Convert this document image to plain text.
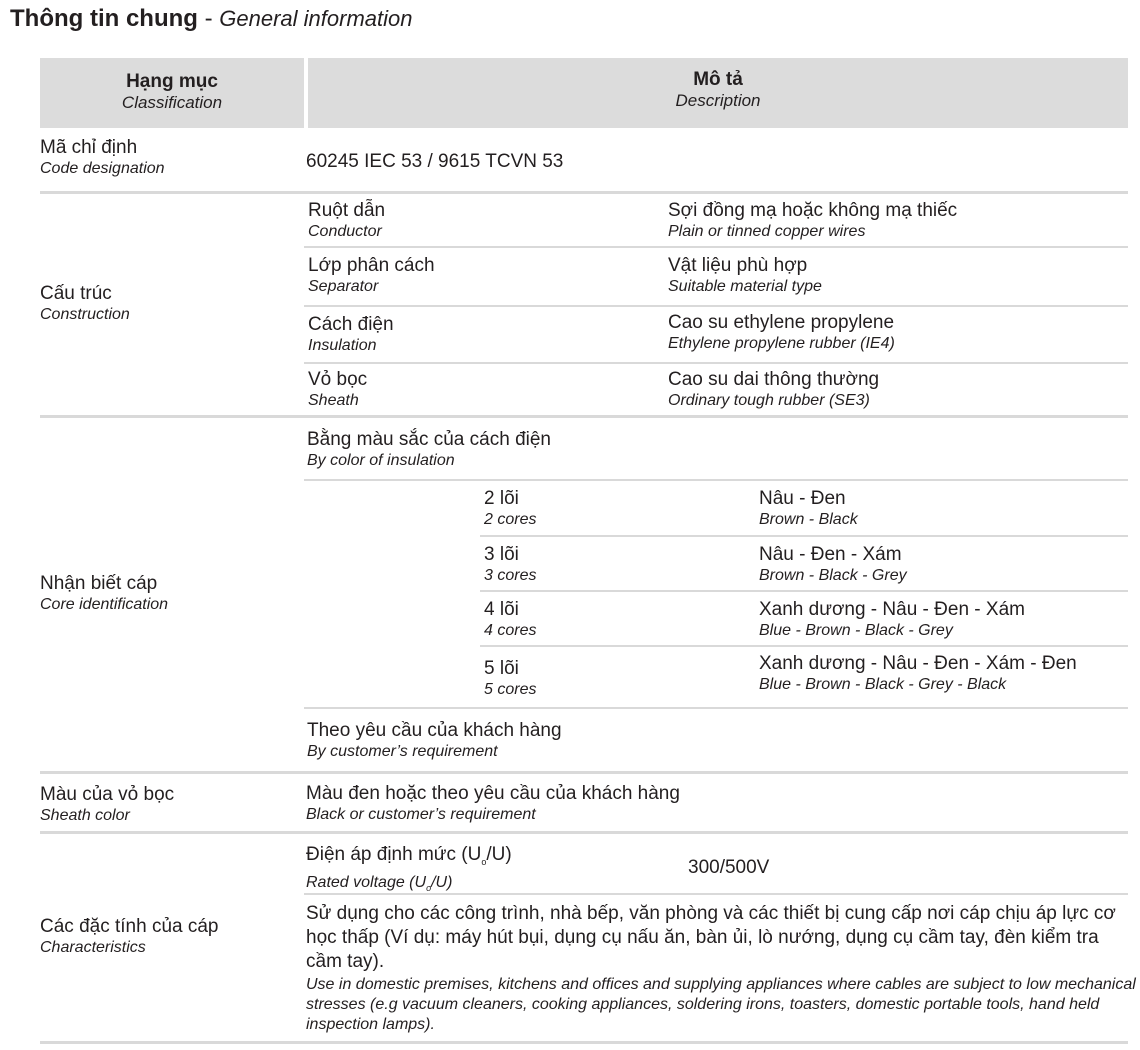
Thông tin chung - General information
Hạng mục
Classification
Mô tả
Description
Mã chỉ định
Code designation	60245 IEC 53 / 9615 TCVN 53
Cấu trúc
Construction
Ruột dẫn
Conductor
Sợi đồng mạ hoặc không mạ thiếc
Plain or tinned copper wires
Lớp phân cách
Separator
Vật liệu phù hợp
Suitable material type
Cách điện
Insulation
Cao su ethylene propylene
Ethylene propylene rubber (IE4)
Vỏ bọc
Sheath
Cao su dai thông thường
Ordinary tough rubber (SE3)
Nhận biết cáp
Core identification
Bằng màu sắc của cách điện
By color of insulation
2 lõi
2 cores
Nâu - Đen
Brown - Black
3 lõi
3 cores
Nâu - Đen - Xám
Brown - Black - Grey
4 lõi
4 cores
Xanh dương - Nâu - Đen - Xám
Blue - Brown - Black - Grey
5 lõi
5 cores
Xanh dương - Nâu - Đen - Xám - Đen
Blue - Brown - Black - Grey - Black
Theo yêu cầu của khách hàng
By customer’s requirement
Màu của vỏ bọc
Sheath color
Màu đen hoặc theo yêu cầu của khách hàng
Black or customer’s requirement
Các đặc tính của cáp
Characteristics
Điện áp định mức $(U_o/U)$
Rated voltage $(U_o/U)$
300/500V
Sử dụng cho các công trình, nhà bếp, văn phòng và các thiết bị cung cấp nơi cáp chịu áp lực cơ học thấp (Ví dụ: máy hút bụi, dụng cụ nấu ăn, bàn ủi, lò nướng, dụng cụ cầm tay, đèn kiểm tra cầm tay).
Use in domestic premises, kitchens and offices and supplying appliances where cables are subject to low mechanical stresses (e.g vacuum cleaners, cooking appliances, soldering irons, toasters, domestic portable tools, hand held inspection lamps).
